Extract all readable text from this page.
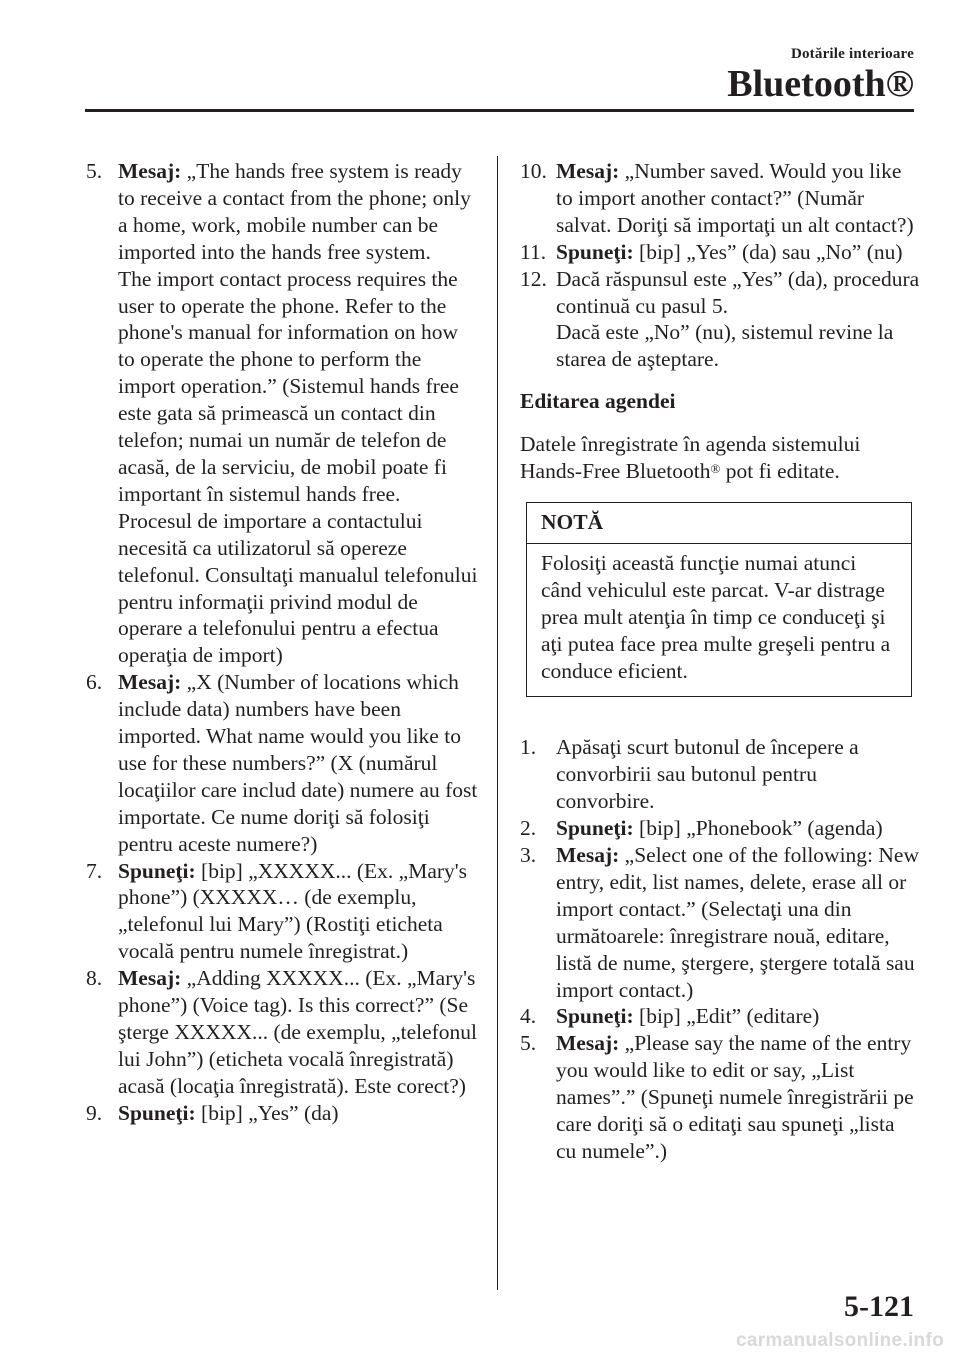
Dotările interioare
Bluetooth®
5. Mesaj: „The hands free system is ready to receive a contact from the phone; only a home, work, mobile number can be imported into the hands free system.

The import contact process requires the user to operate the phone. Refer to the phone's manual for information on how to operate the phone to perform the import operation.” (Sistemul hands free este gata să primească un contact din telefon; numai un număr de telefon de acasă, de la serviciu, de mobil poate fi important în sistemul hands free.

Procesul de importare a contactului necesită ca utilizatorul să opereze telefonul. Consultaţi manualul telefonului pentru informaţii privind modul de operare a telefonului pentru a efectua operaţia de import)

6. Mesaj: „X (Number of locations which include data) numbers have been imported. What name would you like to use for these numbers?” (X (numărul locaţiilor care includ date) numere au fost importate. Ce nume doriţi să folosiţi pentru aceste numere?)

7. Spuneţi: [bip] „XXXXX... (Ex. „Mary's phone”) (XXXXX… (de exemplu, „telefonul lui Mary”) (Rostiţi eticheta vocală pentru numele înregistrat.)

8. Mesaj: „Adding XXXXX... (Ex. „Mary's phone”) (Voice tag). Is this correct?” (Se şterge XXXXX... (de exemplu, „telefonul lui John”) (eticheta vocală înregistrată) acasă (locaţia înregistrată). Este corect?)

9. Spuneţi: [bip] „Yes” (da)

10. Mesaj: „Number saved. Would you like to import another contact?” (Număr salvat. Doriţi să importaţi un alt contact?)

11. Spuneţi: [bip] „Yes” (da) sau „No” (nu)

12. Dacă răspunsul este „Yes” (da), procedura continuă cu pasul 5.

Dacă este „No” (nu), sistemul revine la starea de aşteptare.

Editarea agendei
Datele înregistrate în agenda sistemului Hands-Free Bluetooth® pot fi editate.
NOTĂ
Folosiţi această funcţie numai atunci când vehiculul este parcat. V-ar distrage prea mult atenţia în timp ce conduceţi şi aţi putea face prea multe greşeli pentru a conduce eficient.
1. Apăsaţi scurt butonul de începere a convorbirii sau butonul pentru convorbire.

2. Spuneţi: [bip] „Phonebook” (agenda)

3. Mesaj: „Select one of the following: New entry, edit, list names, delete, erase all or import contact.” (Selectaţi una din următoarele: înregistrare nouă, editare, listă de nume, ştergere, ştergere totală sau import contact.)

4. Spuneţi: [bip] „Edit” (editare)

5. Mesaj: „Please say the name of the entry you would like to edit or say, „List names”.” (Spuneţi numele înregistrării pe care doriţi să o editaţi sau spuneţi „lista cu numele”.)

5-121
carmanualsonline.info
